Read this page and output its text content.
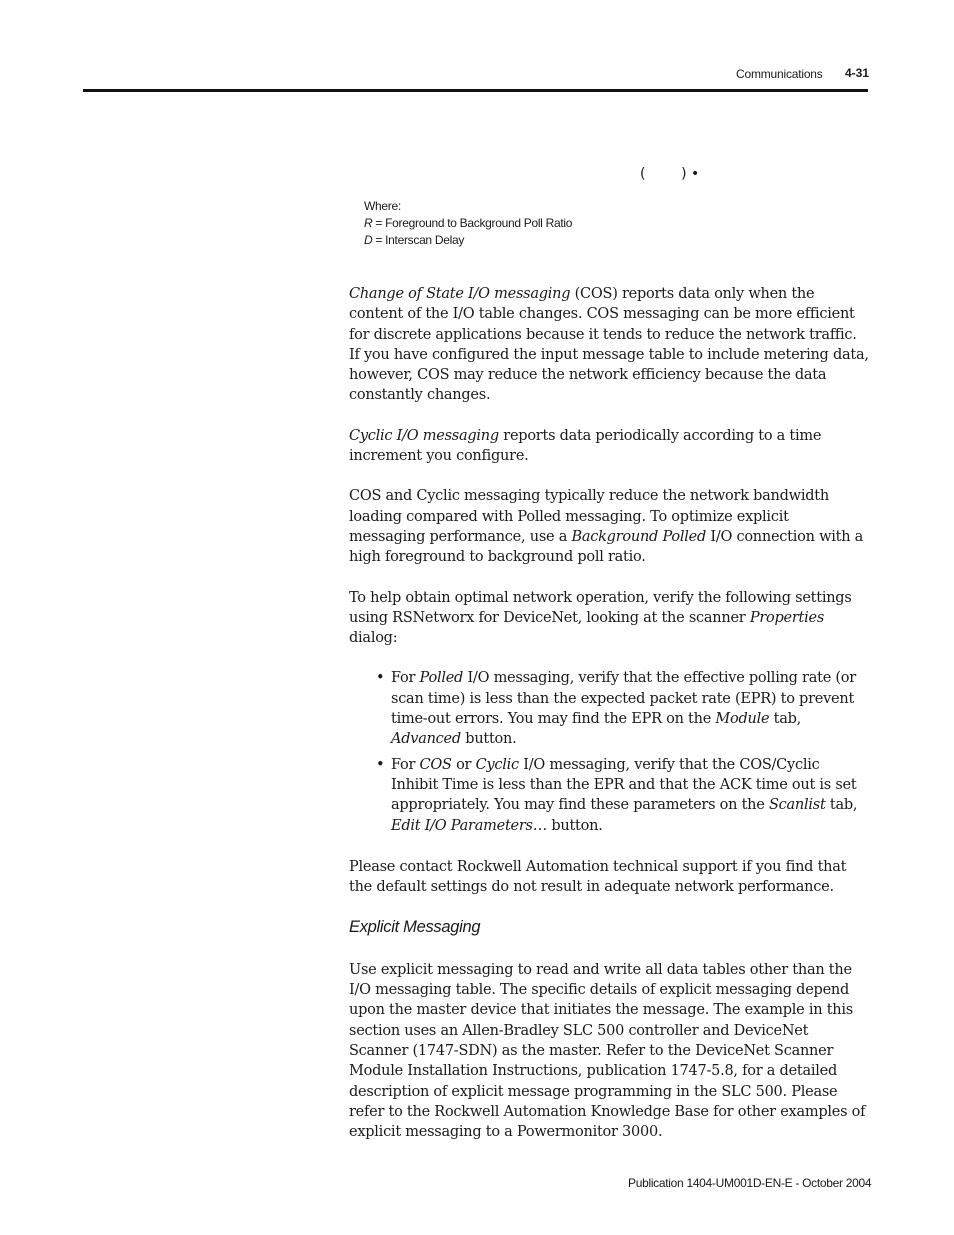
Communications 4-31
(        ) •
Where:
R = Foreground to Background Poll Ratio
D = Interscan Delay

Change of State I/O messaging (COS) reports data only when the content of the I/O table changes. COS messaging can be more efficient for discrete applications because it tends to reduce the network traffic. If you have configured the input message table to include metering data, however, COS may reduce the network efficiency because the data constantly changes.

Cyclic I/O messaging reports data periodically according to a time increment you configure.

COS and Cyclic messaging typically reduce the network bandwidth loading compared with Polled messaging. To optimize explicit messaging performance, use a Background Polled I/O connection with a high foreground to background poll ratio.

To help obtain optimal network operation, verify the following settings using RSNetworx for DeviceNet, looking at the scanner Properties dialog:

• For Polled I/O messaging, verify that the effective polling rate (or scan time) is less than the expected packet rate (EPR) to prevent time-out errors. You may find the EPR on the Module tab, Advanced button.
• For COS or Cyclic I/O messaging, verify that the COS/Cyclic Inhibit Time is less than the EPR and that the ACK time out is set appropriately. You may find these parameters on the Scanlist tab, Edit I/O Parameters… button.

Please contact Rockwell Automation technical support if you find that the default settings do not result in adequate network performance.

Explicit Messaging

Use explicit messaging to read and write all data tables other than the I/O messaging table. The specific details of explicit messaging depend upon the master device that initiates the message. The example in this section uses an Allen-Bradley SLC 500 controller and DeviceNet Scanner (1747-SDN) as the master. Refer to the DeviceNet Scanner Module Installation Instructions, publication 1747-5.8, for a detailed description of explicit message programming in the SLC 500. Please refer to the Rockwell Automation Knowledge Base for other examples of explicit messaging to a Powermonitor 3000.

Publication 1404-UM001D-EN-E - October 2004
